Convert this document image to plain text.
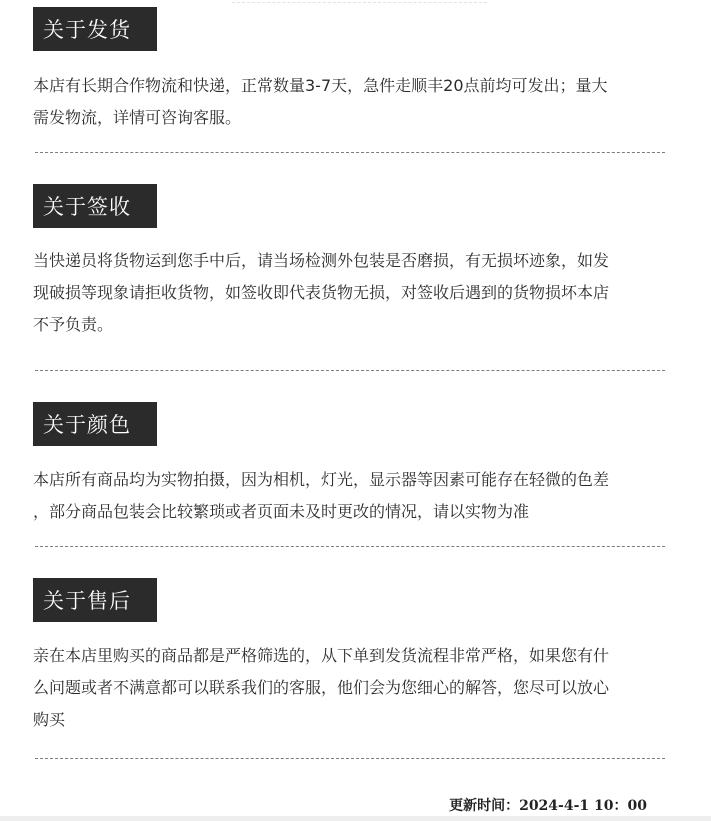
关于发货
本店有长期合作物流和快递，正常数量3-7天，急件走顺丰20点前均可发出；量大
需发物流，详情可咨询客服。
关于签收
当快递员将货物运到您手中后，请当场检测外包装是否磨损，有无损坏迹象，如发
现破损等现象请拒收货物，如签收即代表货物无损，对签收后遇到的货物损坏本店
不予负责。
关于颜色
本店所有商品均为实物拍摄，因为相机，灯光，显示器等因素可能存在轻微的色差
，部分商品包装会比较繁琐或者页面未及时更改的情况，请以实物为准
关于售后
亲在本店里购买的商品都是严格筛选的，从下单到发货流程非常严格，如果您有什
么问题或者不满意都可以联系我们的客服，他们会为您细心的解答，您尽可以放心
购买
更新时间：2024-4-1 10：00
